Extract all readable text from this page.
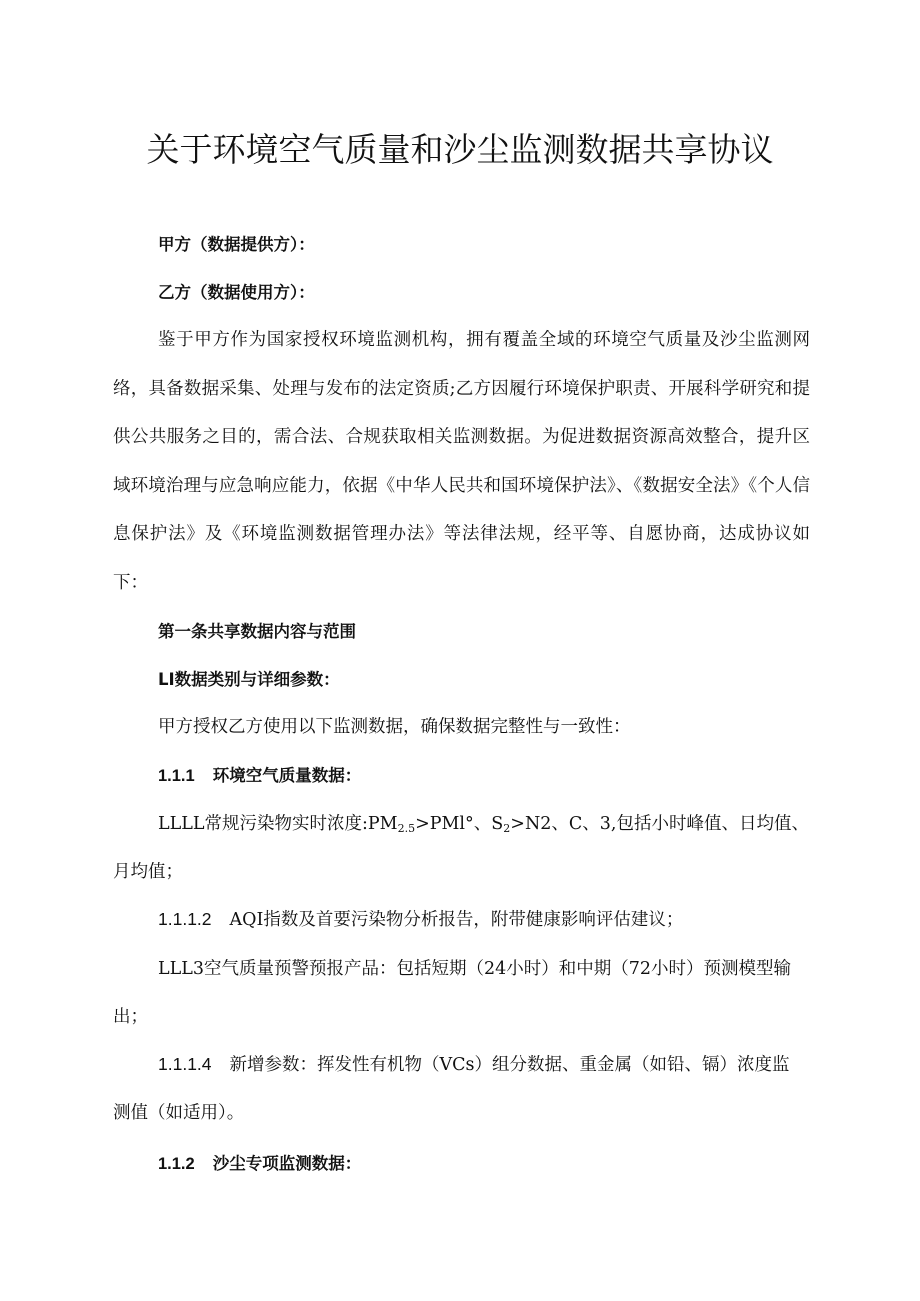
关于环境空气质量和沙尘监测数据共享协议

甲方（数据提供方）：

乙方（数据使用方）：

鉴于甲方作为国家授权环境监测机构，拥有覆盖全域的环境空气质量及沙尘监测网络，具备数据采集、处理与发布的法定资质;乙方因履行环境保护职责、开展科学研究和提供公共服务之目的，需合法、合规获取相关监测数据。为促进数据资源高效整合，提升区域环境治理与应急响应能力，依据《中华人民共和国环境保护法》、《数据安全法》《个人信息保护法》及《环境监测数据管理办法》等法律法规，经平等、自愿协商，达成协议如下：

第一条共享数据内容与范围

LI数据类别与详细参数：

甲方授权乙方使用以下监测数据，确保数据完整性与一致性：

1.1.1 环境空气质量数据：

LLLL常规污染物实时浓度$:PM_{2.5}>PMl^\circ$、$S_2>N2$、C、3,包括小时峰值、日均值、

月均值；

1.1.1.2 AQI指数及首要污染物分析报告，附带健康影响评估建议；

LLL3空气质量预警预报产品：包括短期（24小时）和中期（72小时）预测模型输

出；

1.1.1.4 新增参数：挥发性有机物（VCs）组分数据、重金属（如铅、镉）浓度监

测值（如适用）。

1.1.2 沙尘专项监测数据：
